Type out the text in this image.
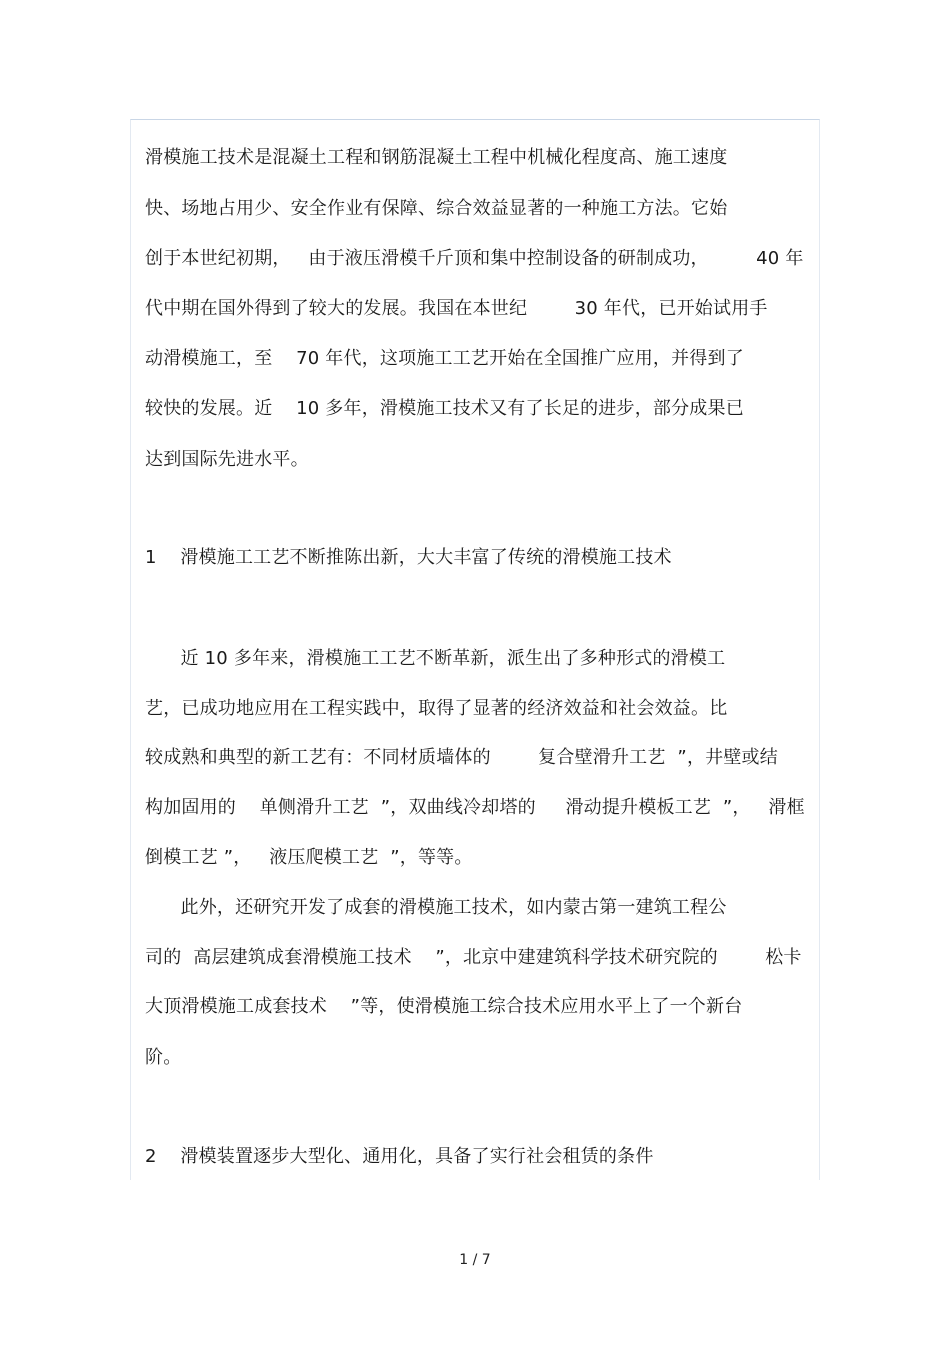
滑模施工技术是混凝土工程和钢筋混凝土工程中机械化程度高、施工速度
快、场地占用少、安全作业有保障、综合效益显著的一种施工方法。它始
创于本世纪初期，   由于液压滑模千斤顶和集中控制设备的研制成功，        40 年
代中期在国外得到了较大的发展。我国在本世纪        30 年代，已开始试用手
动滑模施工，至    70 年代，这项施工工艺开始在全国推广应用，并得到了
较快的发展。近    10 多年，滑模施工技术又有了长足的进步，部分成果已
达到国际先进水平。
1    滑模施工工艺不断推陈出新，大大丰富了传统的滑模施工技术
近 10 多年来，滑模施工工艺不断革新，派生出了多种形式的滑模工
艺，已成功地应用在工程实践中，取得了显著的经济效益和社会效益。比
较成熟和典型的新工艺有：不同材质墙体的        复合壁滑升工艺  ”，井壁或结
构加固用的    单侧滑升工艺  ”，双曲线冷却塔的     滑动提升模板工艺  ”，   滑框
倒模工艺 ”，   液压爬模工艺  ”，等等。
此外，还研究开发了成套的滑模施工技术，如内蒙古第一建筑工程公
司的  高层建筑成套滑模施工技术    ”，北京中建建筑科学技术研究院的        松卡
大顶滑模施工成套技术    ”等，使滑模施工综合技术应用水平上了一个新台
阶。
2    滑模装置逐步大型化、通用化，具备了实行社会租赁的条件
1 / 7
